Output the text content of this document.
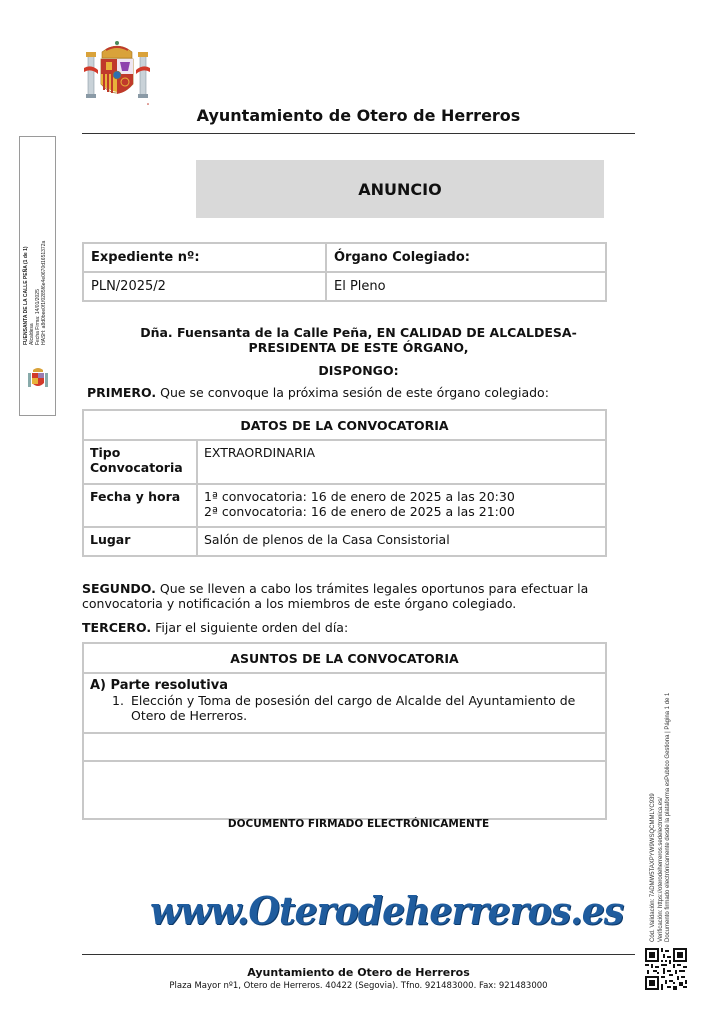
FUENSANTA DE LA CALLE PEÑA (1 de 1) Alcaldesa
Fecha Firma: 14/01/2025
HASH: a8d0bee0f1f0285f6e4e0670d1651372a
Ayuntamiento de Otero de Herreros
ANUNCIO
Expediente nº:	Órgano Colegiado:
PLN/2025/2	El Pleno
Dña. Fuensanta de la Calle Peña, EN CALIDAD DE ALCALDESA-PRESIDENTA DE ESTE ÓRGANO,
DISPONGO:
PRIMERO. Que se convoque la próxima sesión de este órgano colegiado:
DATOS DE LA CONVOCATORIA	
Tipo Convocatoria	EXTRAORDINARIA
Fecha y hora	1ª convocatoria: 16 de enero de 2025 a las 20:30
2ª convocatoria: 16 de enero de 2025 a las 21:00

Lugar	Salón de plenos de la Casa Consistorial
SEGUNDO. Que se lleven a cabo los trámites legales oportunos para efectuar la convocatoria y notificación a los miembros de este órgano colegiado.
TERCERO. Fijar el siguiente orden del día:
ASUNTOS DE LA CONVOCATORIA

A) Parte resolutiva
1. Elección y Toma de posesión del cargo de Alcalde del Ayuntamiento de Otero de Herreros.

DOCUMENTO FIRMADO ELECTRÓNICAMENTE
www.Oterodeherreros.es
Ayuntamiento de Otero de Herreros
Plaza Mayor nº1, Otero de Herreros. 40422 (Segovia). Tfno. 921483000. Fax: 921483000
Cód. Validación: 7ADMW5TAXPYW9WSQCMMLYC939 Verificación: https://oterodeherreros.sedelectronica.es/ Documento firmado electrónicamente desde la plataforma esPublico Gestiona | Página 1 de 1
